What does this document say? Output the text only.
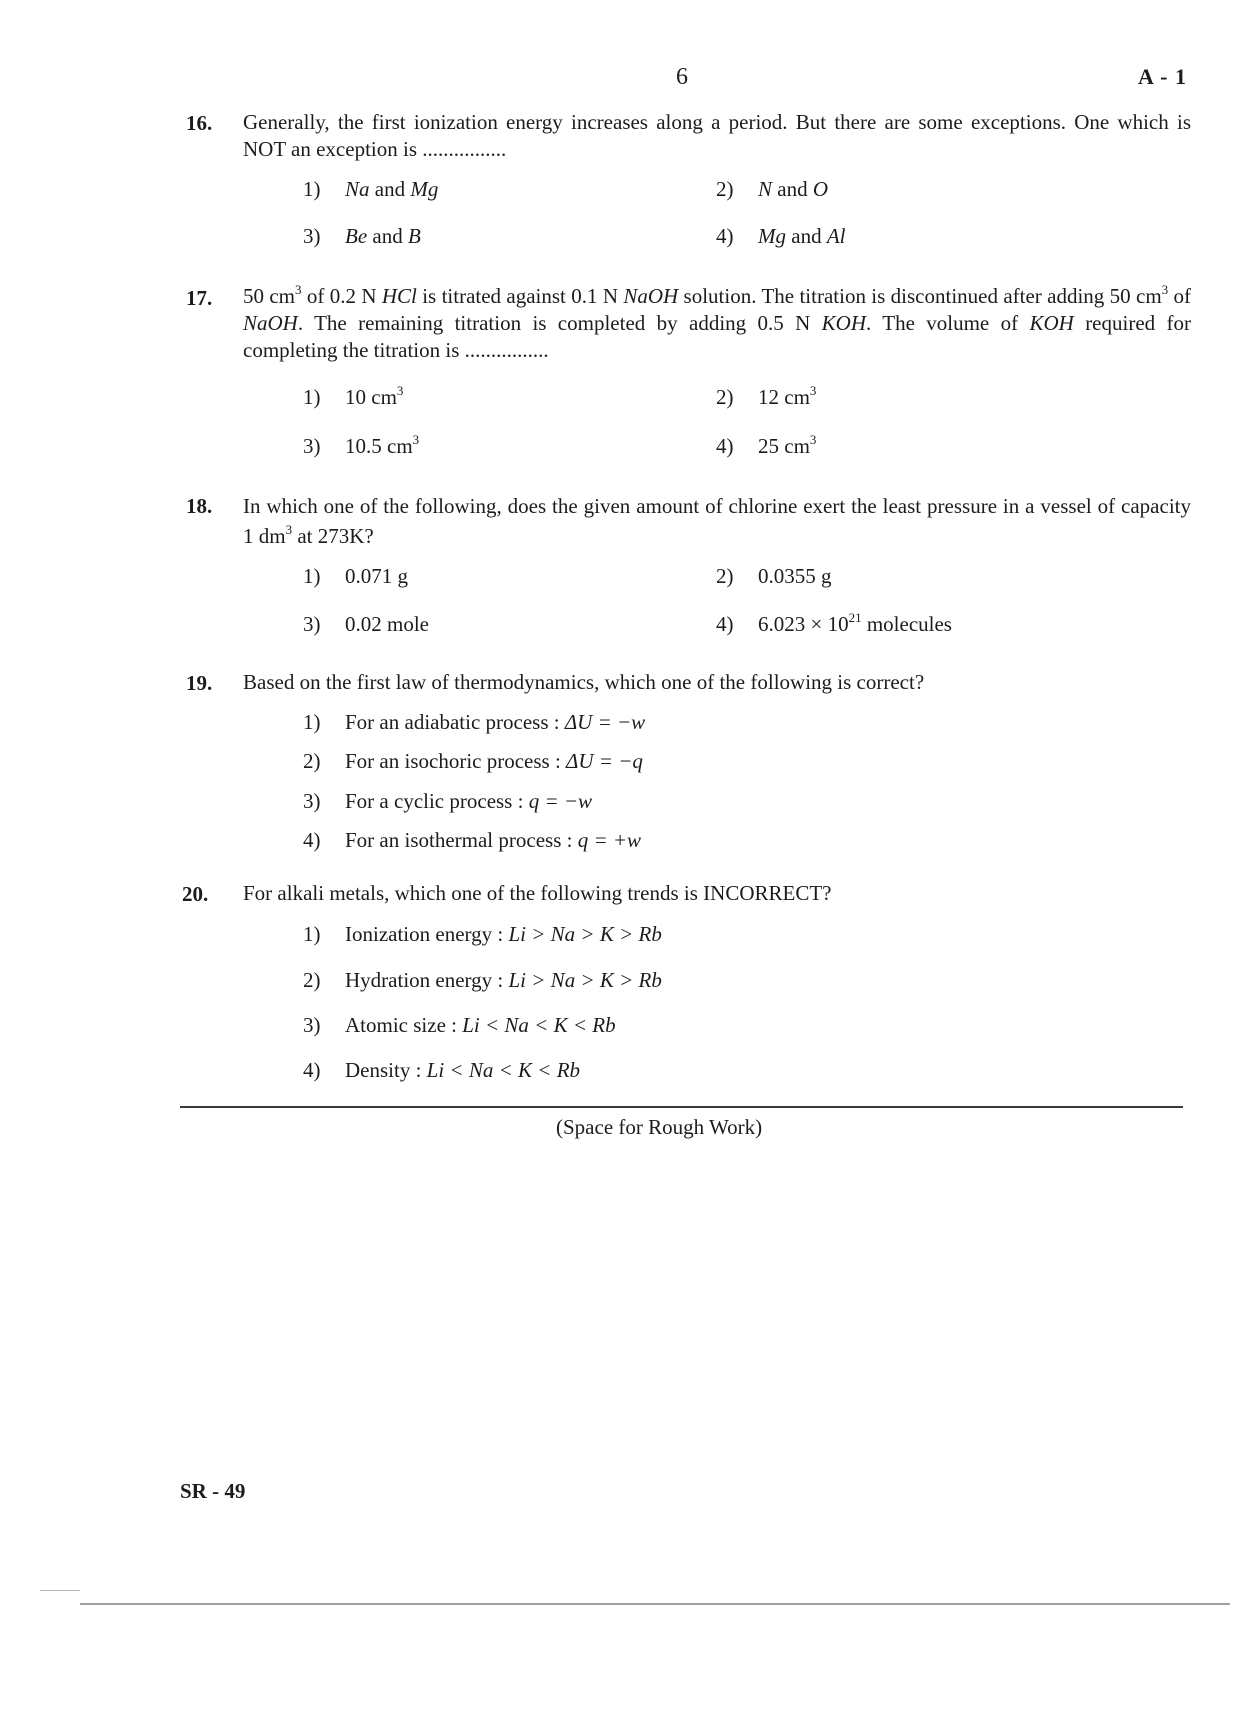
6	A - 1
16. Generally, the first ionization energy increases along a period. But there are some exceptions. One which is NOT an exception is ................
1) Na and Mg	2) N and O
3) Be and B	4) Mg and Al
17. 50 $cm^3$ of 0.2 N HCl is titrated against 0.1 N NaOH solution. The titration is discontinued after adding 50 $cm^3$ of NaOH. The remaining titration is completed by adding 0.5 N KOH. The volume of KOH required for completing the titration is ................
1) 10 $cm^3$	2) 12 $cm^3$
3) 10.5 $cm^3$	4) 25 $cm^3$
18. In which one of the following, does the given amount of chlorine exert the least pressure in a vessel of capacity 1 $dm^3$ at 273K?
1) 0.071 g	2) 0.0355 g
3) 0.02 mole	4) $6.023 \times 10^{21}$ molecules
19. Based on the first law of thermodynamics, which one of the following is correct?
1) For an adiabatic process : ΔU = −w
2) For an isochoric process : ΔU = −q
3) For a cyclic process : q = −w
4) For an isothermal process : q = +w
20. For alkali metals, which one of the following trends is INCORRECT?
1) Ionization energy : Li > Na > K > Rb
2) Hydration energy : Li > Na > K > Rb
3) Atomic size : Li < Na < K < Rb
4) Density : Li < Na < K < Rb
(Space for Rough Work)
SR - 49
